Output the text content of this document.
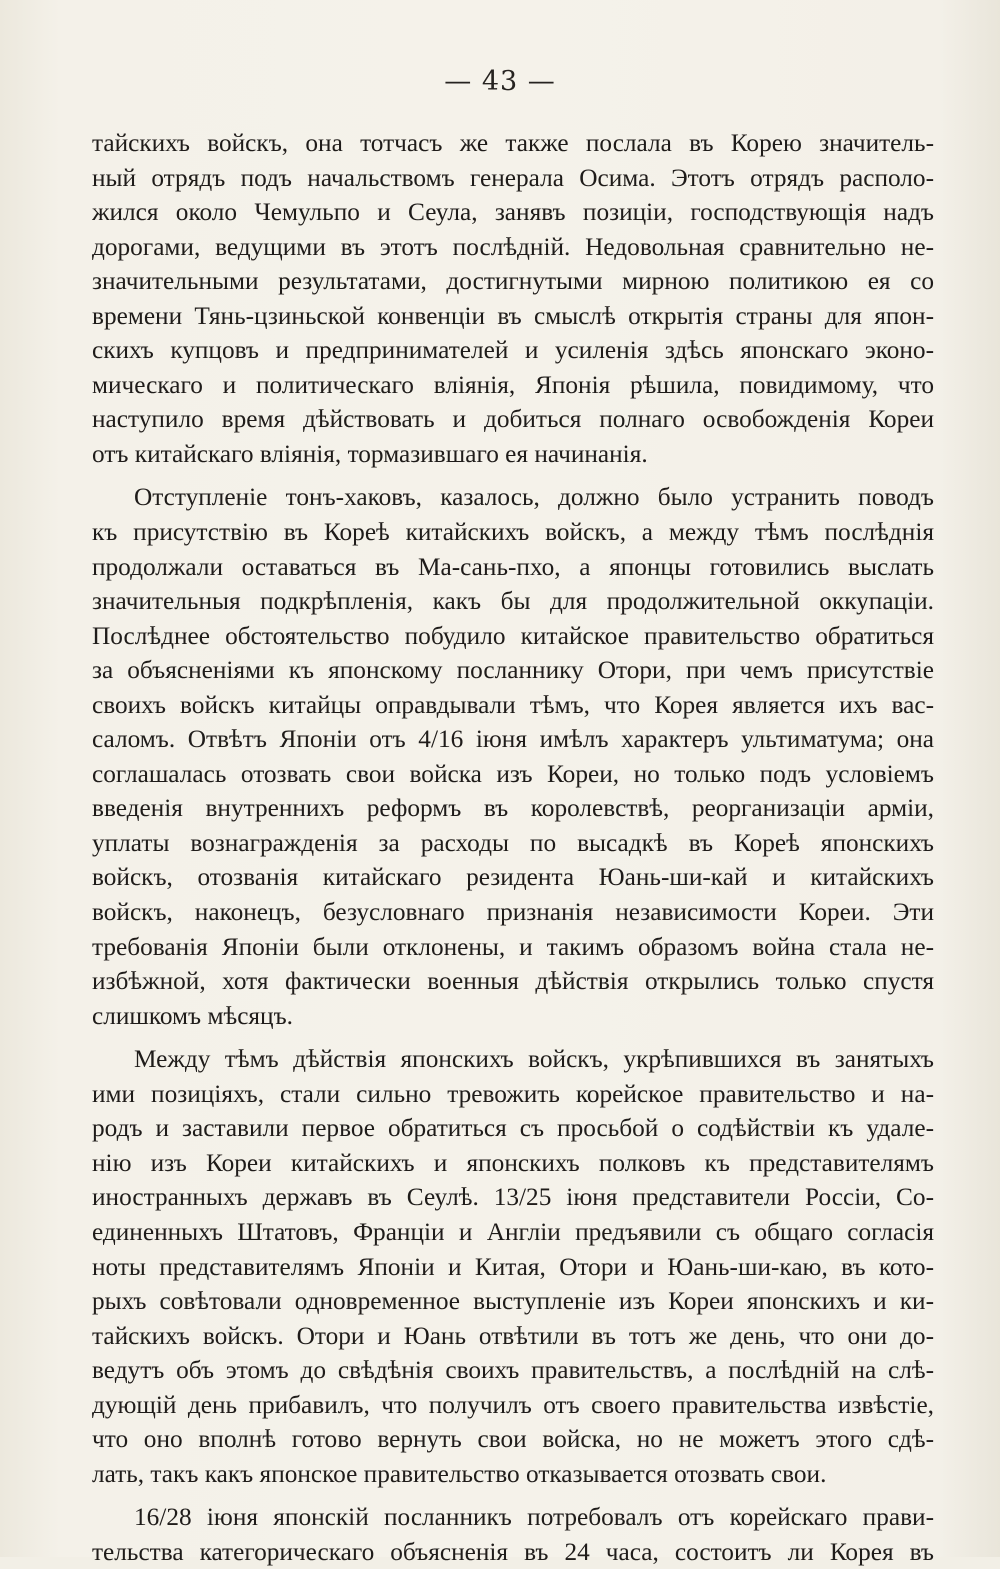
— 43 —
тайскихъ войскъ, она тотчасъ же также послала въ Корею значитель-
ный отрядъ подъ начальствомъ генерала Осима. Этотъ отрядъ располо-
жился около Чемульпо и Сеула, занявъ позиціи, господствующія надъ
дорогами, ведущими въ этотъ послѣдній. Недовольная сравнительно не-
значительными результатами, достигнутыми мирною политикою ея со
времени Тянь-цзиньской конвенціи въ смыслѣ открытія страны для япон-
скихъ купцовъ и предпринимателей и усиленія здѣсь японскаго эконо-
мическаго и политическаго вліянія, Японія рѣшила, повидимому, что
наступило время дѣйствовать и добиться полнаго освобожденія Кореи
отъ китайскаго вліянія, тормазившаго ея начинанія.
Отступленіе тонъ-хаковъ, казалось, должно было устранить поводъ
къ присутствію въ Кореѣ китайскихъ войскъ, а между тѣмъ послѣднія
продолжали оставаться въ Ма-сань-пхо, а японцы готовились выслать
значительныя подкрѣпленія, какъ бы для продолжительной оккупаціи.
Послѣднее обстоятельство побудило китайское правительство обратиться
за объясненіями къ японскому посланнику Отори, при чемъ присутствіе
своихъ войскъ китайцы оправдывали тѣмъ, что Корея является ихъ вас-
саломъ. Отвѣтъ Японіи отъ 4/16 іюня имѣлъ характеръ ультиматума; она
соглашалась отозвать свои войска изъ Кореи, но только подъ условіемъ
введенія внутреннихъ реформъ въ королевствѣ, реорганизаціи арміи,
уплаты вознагражденія за расходы по высадкѣ въ Кореѣ японскихъ
войскъ, отозванія китайскаго резидента Юань-ши-кай и китайскихъ
войскъ, наконецъ, безусловнаго признанія независимости Кореи. Эти
требованія Японіи были отклонены, и такимъ образомъ война стала не-
избѣжной, хотя фактически военныя дѣйствія открылись только спустя
слишкомъ мѣсяцъ.
Между тѣмъ дѣйствія японскихъ войскъ, укрѣпившихся въ занятыхъ
ими позиціяхъ, стали сильно тревожить корейское правительство и на-
родъ и заставили первое обратиться съ просьбой о содѣйствіи къ удале-
нію изъ Кореи китайскихъ и японскихъ полковъ къ представителямъ
иностранныхъ державъ въ Сеулѣ. 13/25 іюня представители Россіи, Со-
единенныхъ Штатовъ, Франціи и Англіи предъявили съ общаго согласія
ноты представителямъ Японіи и Китая, Отори и Юань-ши-каю, въ кото-
рыхъ совѣтовали одновременное выступленіе изъ Кореи японскихъ и ки-
тайскихъ войскъ. Отори и Юань отвѣтили въ тотъ же день, что они до-
ведутъ объ этомъ до свѣдѣнія своихъ правительствъ, а послѣдній на слѣ-
дующій день прибавилъ, что получилъ отъ своего правительства извѣстіе,
что оно вполнѣ готово вернуть свои войска, но не можетъ этого сдѣ-
лать, такъ какъ японское правительство отказывается отозвать свои.
16/28 іюня японскій посланникъ потребовалъ отъ корейскаго прави-
тельства категорическаго объясненія въ 24 часа, состоитъ ли Корея въ
